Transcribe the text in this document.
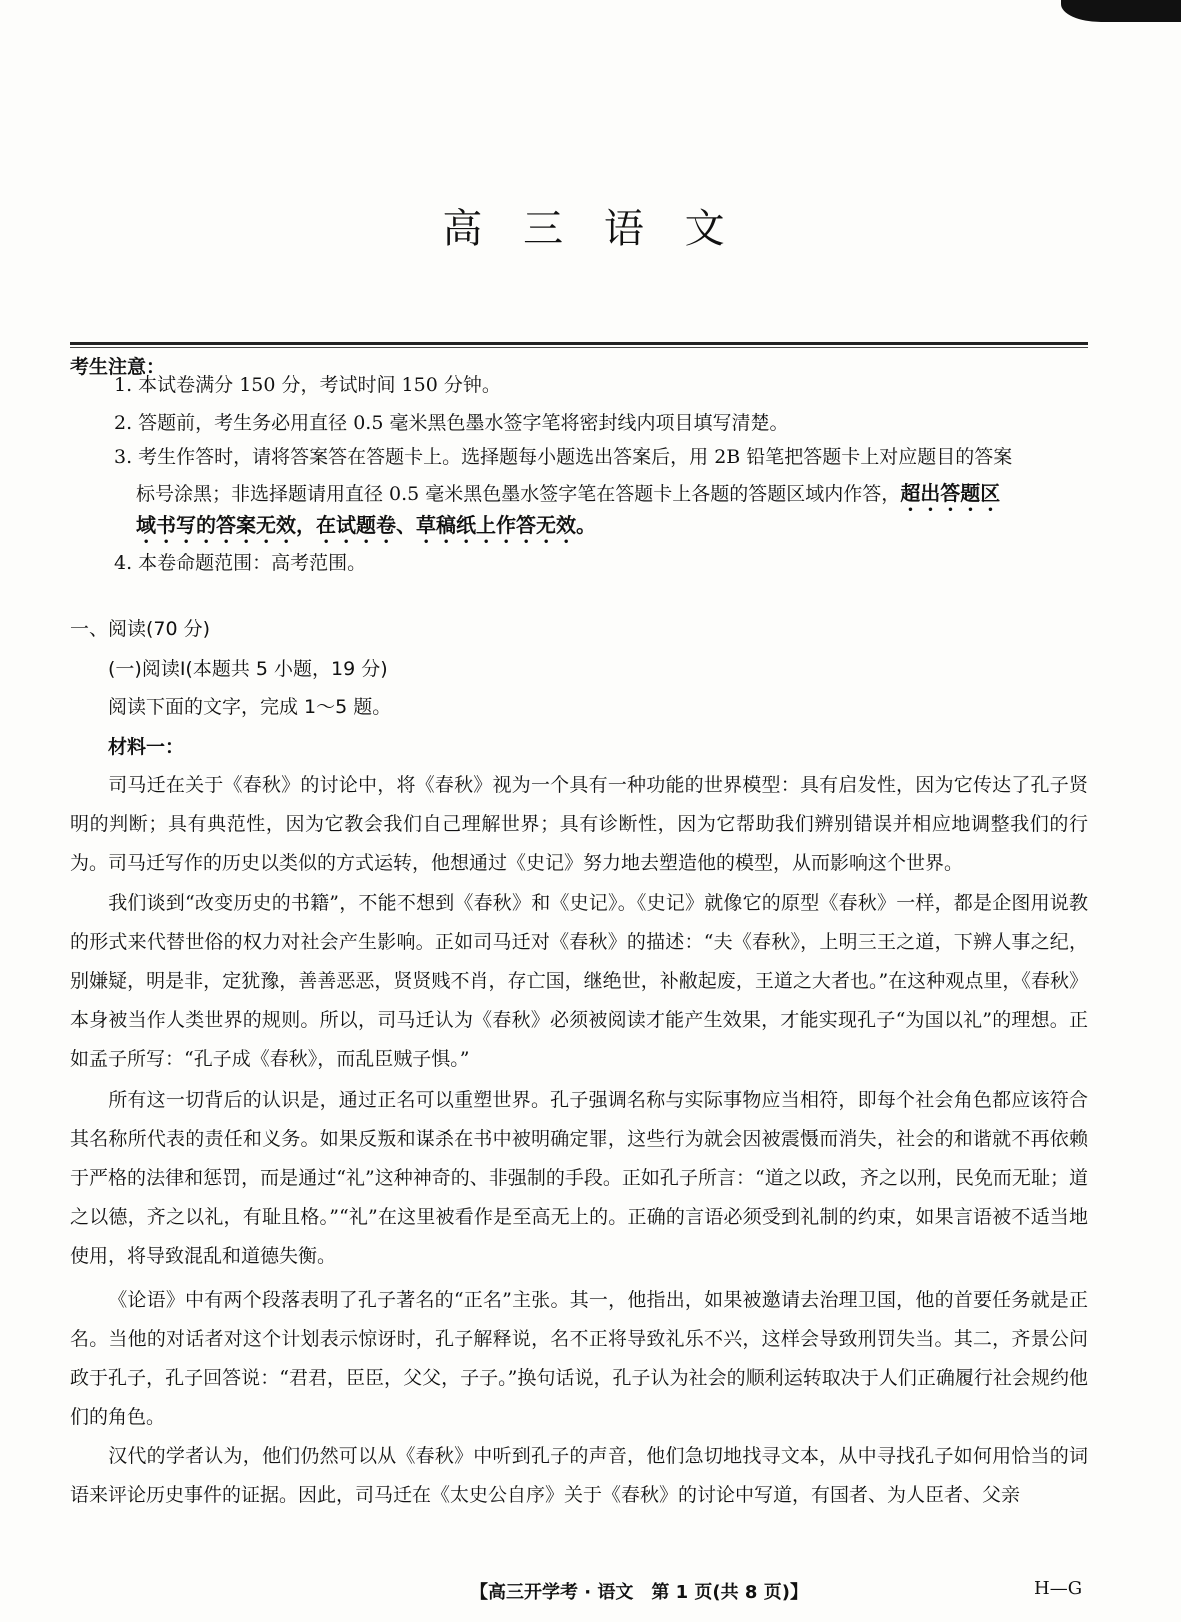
高 三 语 文
考生注意：
1. 本试卷满分 150 分，考试时间 150 分钟。
2. 答题前，考生务必用直径 0.5 毫米黑色墨水签字笔将密封线内项目填写清楚。
3. 考生作答时，请将答案答在答题卡上。选择题每小题选出答案后，用 2B 铅笔把答题卡上对应题目的答案
标号涂黑；非选择题请用直径 0.5 毫米黑色墨水签字笔在答题卡上各题的答题区域内作答，超出答题区
域书写的答案无效，在试题卷、草稿纸上作答无效。
4. 本卷命题范围：高考范围。
一、阅读(70 分)
(一)阅读Ⅰ(本题共 5 小题，19 分)
阅读下面的文字，完成 1～5 题。
材料一：
司马迁在关于《春秋》的讨论中，将《春秋》视为一个具有一种功能的世界模型：具有启发性，因为它传达了孔子贤明的判断；具有典范性，因为它教会我们自己理解世界；具有诊断性，因为它帮助我们辨别错误并相应地调整我们的行为。司马迁写作的历史以类似的方式运转，他想通过《史记》努力地去塑造他的模型，从而影响这个世界。
我们谈到“改变历史的书籍”，不能不想到《春秋》和《史记》。《史记》就像它的原型《春秋》一样，都是企图用说教的形式来代替世俗的权力对社会产生影响。正如司马迁对《春秋》的描述：“夫《春秋》，上明三王之道，下辨人事之纪，别嫌疑，明是非，定犹豫，善善恶恶，贤贤贱不肖，存亡国，继绝世，补敝起废，王道之大者也。”在这种观点里，《春秋》本身被当作人类世界的规则。所以，司马迁认为《春秋》必须被阅读才能产生效果，才能实现孔子“为国以礼”的理想。正如孟子所写：“孔子成《春秋》，而乱臣贼子惧。”
所有这一切背后的认识是，通过正名可以重塑世界。孔子强调名称与实际事物应当相符，即每个社会角色都应该符合其名称所代表的责任和义务。如果反叛和谋杀在书中被明确定罪，这些行为就会因被震慑而消失，社会的和谐就不再依赖于严格的法律和惩罚，而是通过“礼”这种神奇的、非强制的手段。正如孔子所言：“道之以政，齐之以刑，民免而无耻；道之以德，齐之以礼，有耻且格。”“礼”在这里被看作是至高无上的。正确的言语必须受到礼制的约束，如果言语被不适当地使用，将导致混乱和道德失衡。
《论语》中有两个段落表明了孔子著名的“正名”主张。其一，他指出，如果被邀请去治理卫国，他的首要任务就是正名。当他的对话者对这个计划表示惊讶时，孔子解释说，名不正将导致礼乐不兴，这样会导致刑罚失当。其二，齐景公问政于孔子，孔子回答说：“君君，臣臣，父父，子子。”换句话说，孔子认为社会的顺利运转取决于人们正确履行社会规约他们的角色。
汉代的学者认为，他们仍然可以从《春秋》中听到孔子的声音，他们急切地找寻文本，从中寻找孔子如何用恰当的词语来评论历史事件的证据。因此，司马迁在《太史公自序》关于《春秋》的讨论中写道，有国者、为人臣者、父亲
【高三开学考 · 语文　第 1 页(共 8 页)】	H—G
